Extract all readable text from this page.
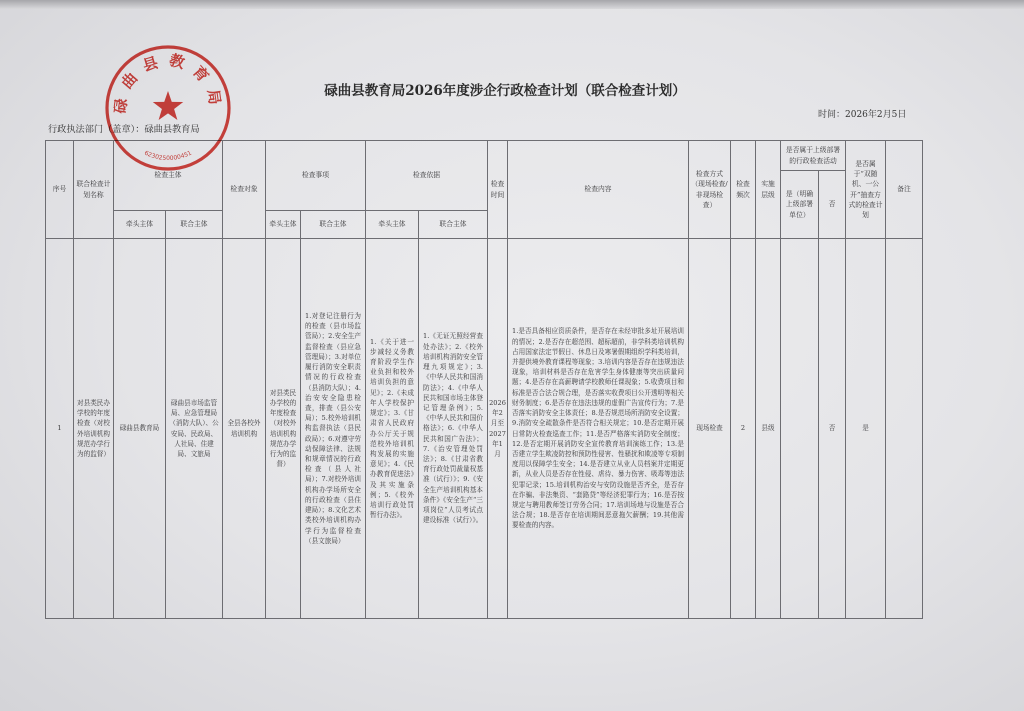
碌曲县教育局2026年度涉企行政检查计划（联合检查计划）
时间：2026年2月5日
行政执法部门（盖章）：碌曲县教育局
序号	联合检查计划名称	检查主体		检查对象	检查事项		检查依据		检查时间	检查内容	检查方式（现场检查/非现场检查）	检查频次	实施层级	是否属于上级部署的行政检查活动		是否属于“双随机、一公开”抽查方式的检查计划	备注
														是（明确上级部署单位）	否		
		牵头主体	联合主体		牵头主体	联合主体	牵头主体	联合主体									
1	对县类民办学校的年度检查（对校外培训机构规范办学行为的监督）	碌曲县教育局	碌曲县市场监管局、应急管理局（消防大队）、公安局、民政局、人社局、住建局、文旅局	全县各校外培训机构	对县类民办学校的年度检查（对校外培训机构规范办学行为的监督）	1.对登记注册行为的检查（县市场监管局）；2.安全生产监督检查（县应急管理局）；3.对单位履行消防安全职责情况的行政检查（县消防大队）；4.治安安全隐患检查，排查（县公安局）；5.校外培训机构监督执法（县民政局）；6.对遵守劳动保障法律、法规和规章情况的行政检查（县人社局）；7.对校外培训机构办学场所安全的行政检查（县住建局）；8.文化艺术类校外培训机构办学行为监督检查（县文旅局）	1.《关于进一步减轻义务教育阶段学生作业负担和校外培训负担的意见》；2.《未成年人学校保护规定》；3.《甘肃省人民政府办公厅关于规范校外培训机构发展的实施意见》；4.《民办教育促进法》及其实施条例；5.《校外培训行政处罚暂行办法》。	1.《无证无照经营查处办法》；2.《校外培训机构消防安全管理九项规定》；3.《中华人民共和国消防法》；4.《中华人民共和国市场主体登记管理条例》；5.《中华人民共和国价格法》；6.《中华人民共和国广告法》；7.《治安管理处罚法》；8.《甘肃省教育行政处罚裁量权基准（试行）》；9.《安全生产培训机构基本条件》《安全生产“三项岗位”人员考试点建设标准（试行）》。	2026年2月至2027年1月	1.是否具备相应资质条件，是否存在未经审批多址开展培训的情况；2.是否存在超范围、超标超前，非学科类培训机构占用国家法定节假日、休息日及寒暑假期组织学科类培训，并提供境外教育课程等现象；3.培训内容是否存在违规违法现象，培训材料是否存在危害学生身体健康等突出质量问题；4.是否存在高薪聘请学校教师任课现象；5.收费项目和标准是否合法合规合理，是否落实收费项目公开透明等相关财务制度；6.是否存在违法违规的虚假广告宣传行为；7.是否落实消防安全主体责任；8.是否规范场所消防安全设置；9.消防安全疏散条件是否符合相关规定；10.是否定期开展日常防火检查巡查工作；11.是否严格落实消防安全制度；12.是否定期开展消防安全宣传教育培训演练工作；13.是否建立学生欺凌防控和预防性侵害、性骚扰和欺凌等专项制度用以保障学生安全；14.是否建立从业人员档案并定期更新，从业人员是否存在性侵、虐待、暴力伤害、吸毒等违法犯罪记录；15.培训机构治安与安防设施是否齐全，是否存在诈骗、非法集资、“套路贷”等经济犯罪行为；16.是否按规定与聘用教师签订劳务合同；17.培训场地与设施是否合法合规；18.是否存在培训期间恶意拖欠薪酬；19.其他需要检查的内容。	现场检查	2	县级		否	是	
碌曲县教育局
6230250000451
